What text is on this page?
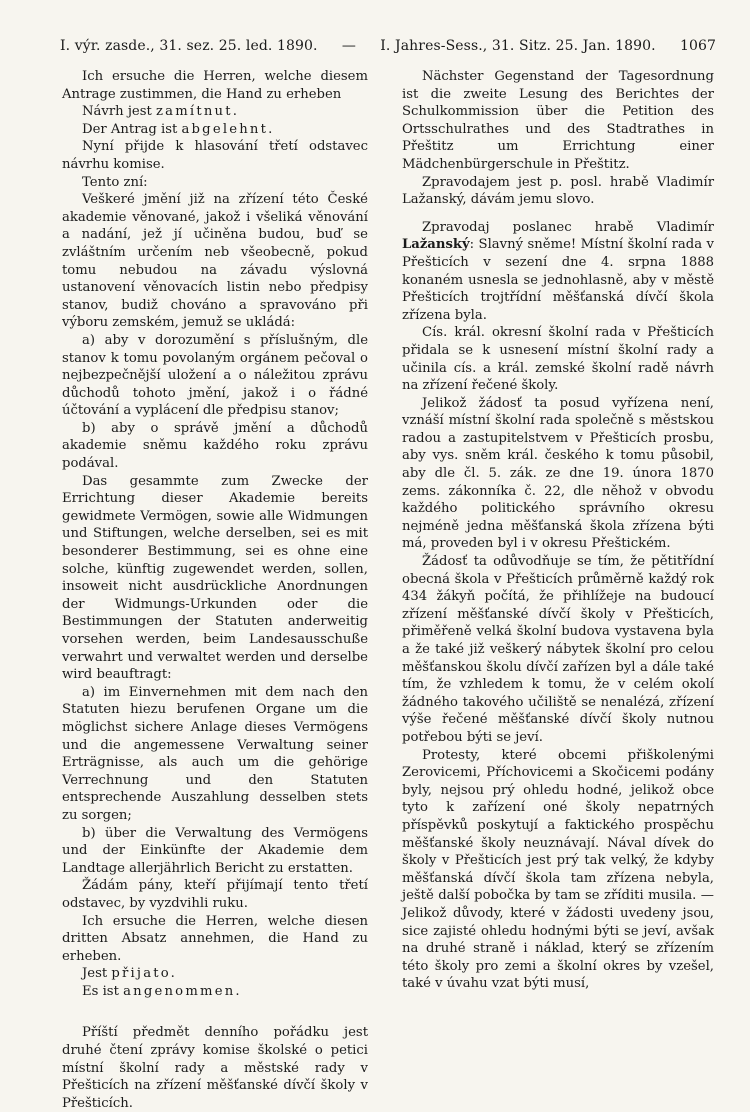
I. výr. zasde., 31. sez. 25. led. 1890. — I. Jahres-Sess., 31. Sitz. 25. Jan. 1890. 1067

Ich ersuche die Herren, welche diesem Antrage zustimmen, die Hand zu erheben

Návrh jest zamítnut.

Der Antrag ist abgelehnt.

Nyní přijde k hlasování třetí odstavec návrhu komise.

Tento zní:

Veškeré jmění již na zřízení této České akademie věnované, jakož i všeliká věnování a nadání, jež jí učiněna budou, buď se zvláštním určením neb všeobecně, pokud tomu nebudou na závadu výslovná ustanovení věnovacích listin nebo předpisy stanov, budiž chováno a spravováno při výboru zemském, jemuž se ukládá:

a) aby v dorozumění s příslušným, dle stanov k tomu povolaným orgánem pečoval o nejbezpečnější uložení a o náležitou zprávu důchodů tohoto jmění, jakož i o řádné účtování a vyplácení dle předpisu stanov;

b) aby o správě jmění a důchodů akademie sněmu každého roku zprávu podával.

Das gesammte zum Zwecke der Errichtung dieser Akademie bereits gewidmete Vermögen, sowie alle Widmungen und Stiftungen, welche derselben, sei es mit besonderer Bestimmung, sei es ohne eine solche, künftig zugewendet werden, sollen, insoweit nicht ausdrückliche Anordnungen der Widmungs-Urkunden oder die Bestimmungen der Statuten anderweitig vorsehen werden, beim Landesausschuße verwahrt und verwaltet werden und derselbe wird beauftragt:

a) im Einvernehmen mit dem nach den Statuten hiezu berufenen Organe um die möglichst sichere Anlage dieses Vermögens und die angemessene Verwaltung seiner Erträgnisse, als auch um die gehörige Verrechnung und den Statuten entsprechende Auszahlung desselben stets zu sorgen;

b) über die Verwaltung des Vermögens und der Einkünfte der Akademie dem Landtage allerjährlich Bericht zu erstatten.

Žádám pány, kteří přijímají tento třetí odstavec, by vyzdvihli ruku.

Ich ersuche die Herren, welche diesen dritten Absatz annehmen, die Hand zu erheben.

Jest přijato.

Es ist angenommen.

Příští předmět denního pořádku jest druhé čtení zprávy komise školské o petici místní školní rady a městské rady v Přešticích na zřízení měšťanské dívčí školy v Přešticích.

Nächster Gegenstand der Tagesordnung ist die zweite Lesung des Berichtes der Schulkommission über die Petition des Ortsschulrathes und des Stadtrathes in Přeštitz um Errichtung einer Mädchenbürgerschule in Přeštitz.

Zpravodajem jest p. posl. hrabě Vladimír Lažanský, dávám jemu slovo.

Zpravodaj poslanec hrabě Vladimír Lažanský: Slavný sněme! Místní školní rada v Přešticích v sezení dne 4. srpna 1888 konaném usnesla se jednohlasně, aby v městě Přešticích trojtřídní měšťanská dívčí škola zřízena byla.

Cís. král. okresní školní rada v Přešticích přidala se k usnesení místní školní rady a učinila cís. a král. zemské školní radě návrh na zřízení řečené školy.

Jelikož žádosť ta posud vyřízena není, vznáší místní školní rada společně s městskou radou a zastupitelstvem v Přešticích prosbu, aby vys. sněm král. českého k tomu působil, aby dle čl. 5. zák. ze dne 19. února 1870 zems. zákonníka č. 22, dle něhož v obvodu každého politického správního okresu nejméně jedna měšťanská škola zřízena býti má, proveden byl i v okresu Přeštickém.

Žádosť ta odůvodňuje se tím, že pětitřídní obecná škola v Přešticích průměrně každý rok 434 žákyň počítá, že přihlížeje na budoucí zřízení měšťanské dívčí školy v Přešticích, přiměřeně velká školní budova vystavena byla a že také již veškerý nábytek školní pro celou měšťanskou školu dívčí zařízen byl a dále také tím, že vzhledem k tomu, že v celém okolí žádného takového učiliště se nenalézá, zřízení výše řečené měšťanské dívčí školy nutnou potřebou býti se jeví.

Protesty, které obcemi přiškolenými Zerovicemi, Příchovicemi a Skočicemi podány byly, nejsou prý ohledu hodné, jelikož obce tyto k zařízení oné školy nepatrných příspěvků poskytují a faktického prospěchu měšťanské školy neuznávají. Nával dívek do školy v Přešticích jest prý tak velký, že kdyby měšťanská dívčí škola tam zřízena nebyla, ještě další pobočka by tam se zříditi musila. — Jelikož důvody, které v žádosti uvedeny jsou, sice zajisté ohledu hodnými býti se jeví, avšak na druhé straně i náklad, který se zřízením této školy pro zemi a školní okres by vzešel, také v úvahu vzat býti musí,
